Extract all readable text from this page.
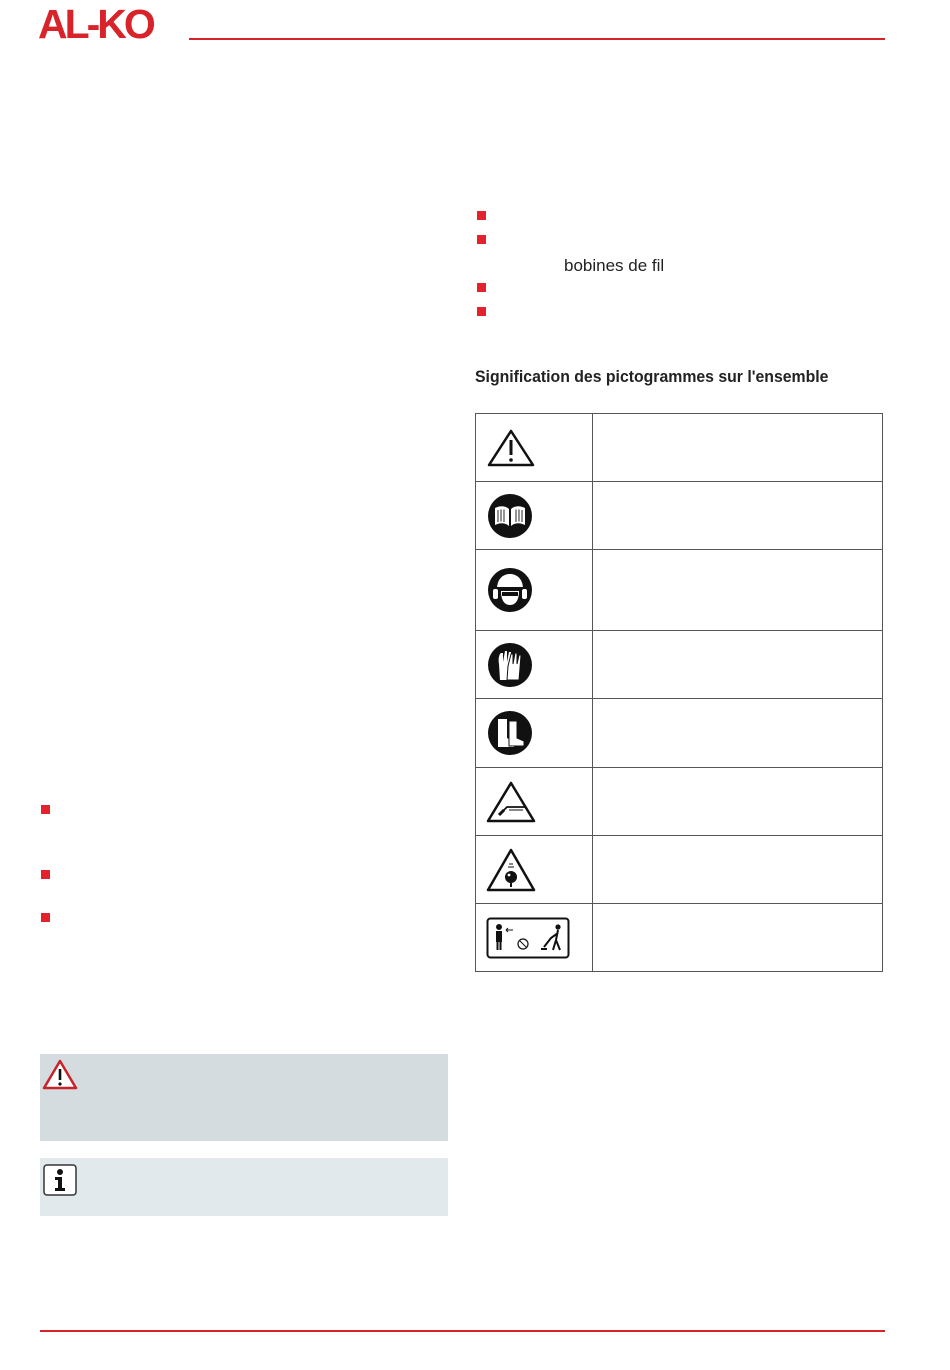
AL-KO
bobines de fil
Signification des pictogrammes sur l'ensemble
